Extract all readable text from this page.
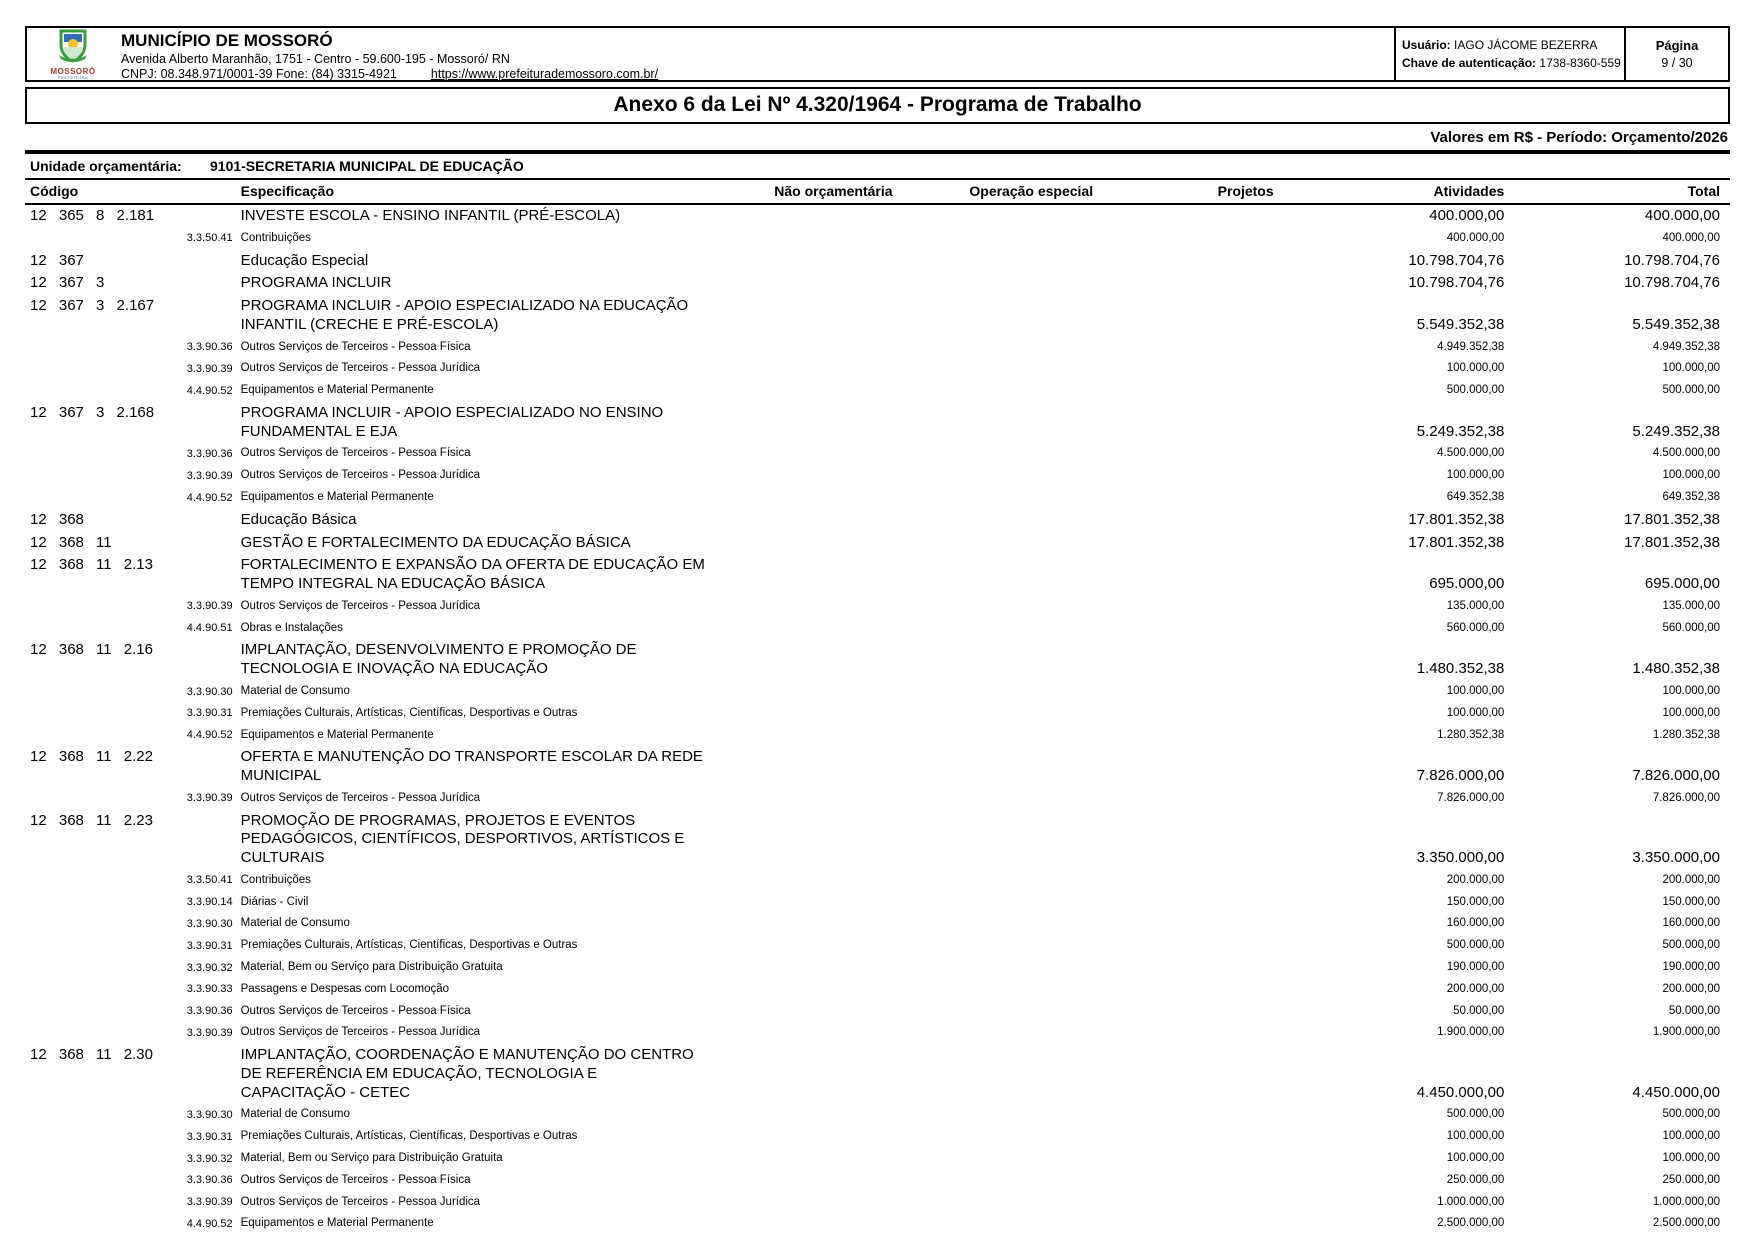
MOSSORÓ
PREFEITURA
MUNICÍPIO DE MOSSORÓ
Avenida Alberto Maranhão, 1751 - Centro - 59.600-195 - Mossoró/ RN
CNPJ: 08.348.971/0001-39 Fone: (84) 3315-4921	https://www.prefeiturademossoro.com.br/
Usuário: IAGO JÁCOME BEZERRA
Chave de autenticação: 1738-8360-559
Página
9 / 30
Anexo 6 da Lei Nº 4.320/1964 - Programa de Trabalho
Valores em R$ - Período: Orçamento/2026
Unidade orçamentária:	9101-SECRETARIA MUNICIPAL DE EDUCAÇÃO
Código	Especificação	Não orçamentária	Operação especial	Projetos	Atividades	Total
12 365 8 2.181	INVESTE ESCOLA - ENSINO INFANTIL (PRÉ-ESCOLA)				400.000,00	400.000,00
3.3.50.41	Contribuições				400.000,00	400.000,00
12 367	Educação Especial				10.798.704,76	10.798.704,76
12 367 3	PROGRAMA INCLUIR				10.798.704,76	10.798.704,76
12 367 3 2.167	PROGRAMA INCLUIR - APOIO ESPECIALIZADO NA EDUCAÇÃO INFANTIL (CRECHE E PRÉ-ESCOLA)				5.549.352,38	5.549.352,38
3.3.90.36	Outros Serviços de Terceiros - Pessoa Física				4.949.352,38	4.949.352,38
3.3.90.39	Outros Serviços de Terceiros - Pessoa Jurídica				100.000,00	100.000,00
4.4.90.52	Equipamentos e Material Permanente				500.000,00	500.000,00
12 367 3 2.168	PROGRAMA INCLUIR - APOIO ESPECIALIZADO NO ENSINO FUNDAMENTAL E EJA				5.249.352,38	5.249.352,38
3.3.90.36	Outros Serviços de Terceiros - Pessoa Física				4.500.000,00	4.500.000,00
3.3.90.39	Outros Serviços de Terceiros - Pessoa Jurídica				100.000,00	100.000,00
4.4.90.52	Equipamentos e Material Permanente				649.352,38	649.352,38
12 368	Educação Básica				17.801.352,38	17.801.352,38
12 368 11	GESTÃO E FORTALECIMENTO DA EDUCAÇÃO BÁSICA				17.801.352,38	17.801.352,38
12 368 11 2.13	FORTALECIMENTO E EXPANSÃO DA OFERTA DE EDUCAÇÃO EM TEMPO INTEGRAL NA EDUCAÇÃO BÁSICA				695.000,00	695.000,00
3.3.90.39	Outros Serviços de Terceiros - Pessoa Jurídica				135.000,00	135.000,00
4.4.90.51	Obras e Instalações				560.000,00	560.000,00
12 368 11 2.16	IMPLANTAÇÃO, DESENVOLVIMENTO E PROMOÇÃO DE TECNOLOGIA E INOVAÇÃO NA EDUCAÇÃO				1.480.352,38	1.480.352,38
3.3.90.30	Material de Consumo				100.000,00	100.000,00
3.3.90.31	Premiações Culturais, Artísticas, Científicas, Desportivas e Outras				100.000,00	100.000,00
4.4.90.52	Equipamentos e Material Permanente				1.280.352,38	1.280.352,38
12 368 11 2.22	OFERTA E MANUTENÇÃO DO TRANSPORTE ESCOLAR DA REDE MUNICIPAL				7.826.000,00	7.826.000,00
3.3.90.39	Outros Serviços de Terceiros - Pessoa Jurídica				7.826.000,00	7.826.000,00
12 368 11 2.23	PROMOÇÃO DE PROGRAMAS, PROJETOS E EVENTOS PEDAGÓGICOS, CIENTÍFICOS, DESPORTIVOS, ARTÍSTICOS E CULTURAIS				3.350.000,00	3.350.000,00
3.3.50.41	Contribuições				200.000,00	200.000,00
3.3.90.14	Diárias - Civil				150.000,00	150.000,00
3.3.90.30	Material de Consumo				160.000,00	160.000,00
3.3.90.31	Premiações Culturais, Artísticas, Científicas, Desportivas e Outras				500.000,00	500.000,00
3.3.90.32	Material, Bem ou Serviço para Distribuição Gratuita				190.000,00	190.000,00
3.3.90.33	Passagens e Despesas com Locomoção				200.000,00	200.000,00
3.3.90.36	Outros Serviços de Terceiros - Pessoa Física				50.000,00	50.000,00
3.3.90.39	Outros Serviços de Terceiros - Pessoa Jurídica				1.900.000,00	1.900.000,00
12 368 11 2.30	IMPLANTAÇÃO, COORDENAÇÃO E MANUTENÇÃO DO CENTRO DE REFERÊNCIA EM EDUCAÇÃO, TECNOLOGIA E CAPACITAÇÃO - CETEC				4.450.000,00	4.450.000,00
3.3.90.30	Material de Consumo				500.000,00	500.000,00
3.3.90.31	Premiações Culturais, Artísticas, Científicas, Desportivas e Outras				100.000,00	100.000,00
3.3.90.32	Material, Bem ou Serviço para Distribuição Gratuita				100.000,00	100.000,00
3.3.90.36	Outros Serviços de Terceiros - Pessoa Física				250.000,00	250.000,00
3.3.90.39	Outros Serviços de Terceiros - Pessoa Jurídica				1.000.000,00	1.000.000,00
4.4.90.52	Equipamentos e Material Permanente				2.500.000,00	2.500.000,00
